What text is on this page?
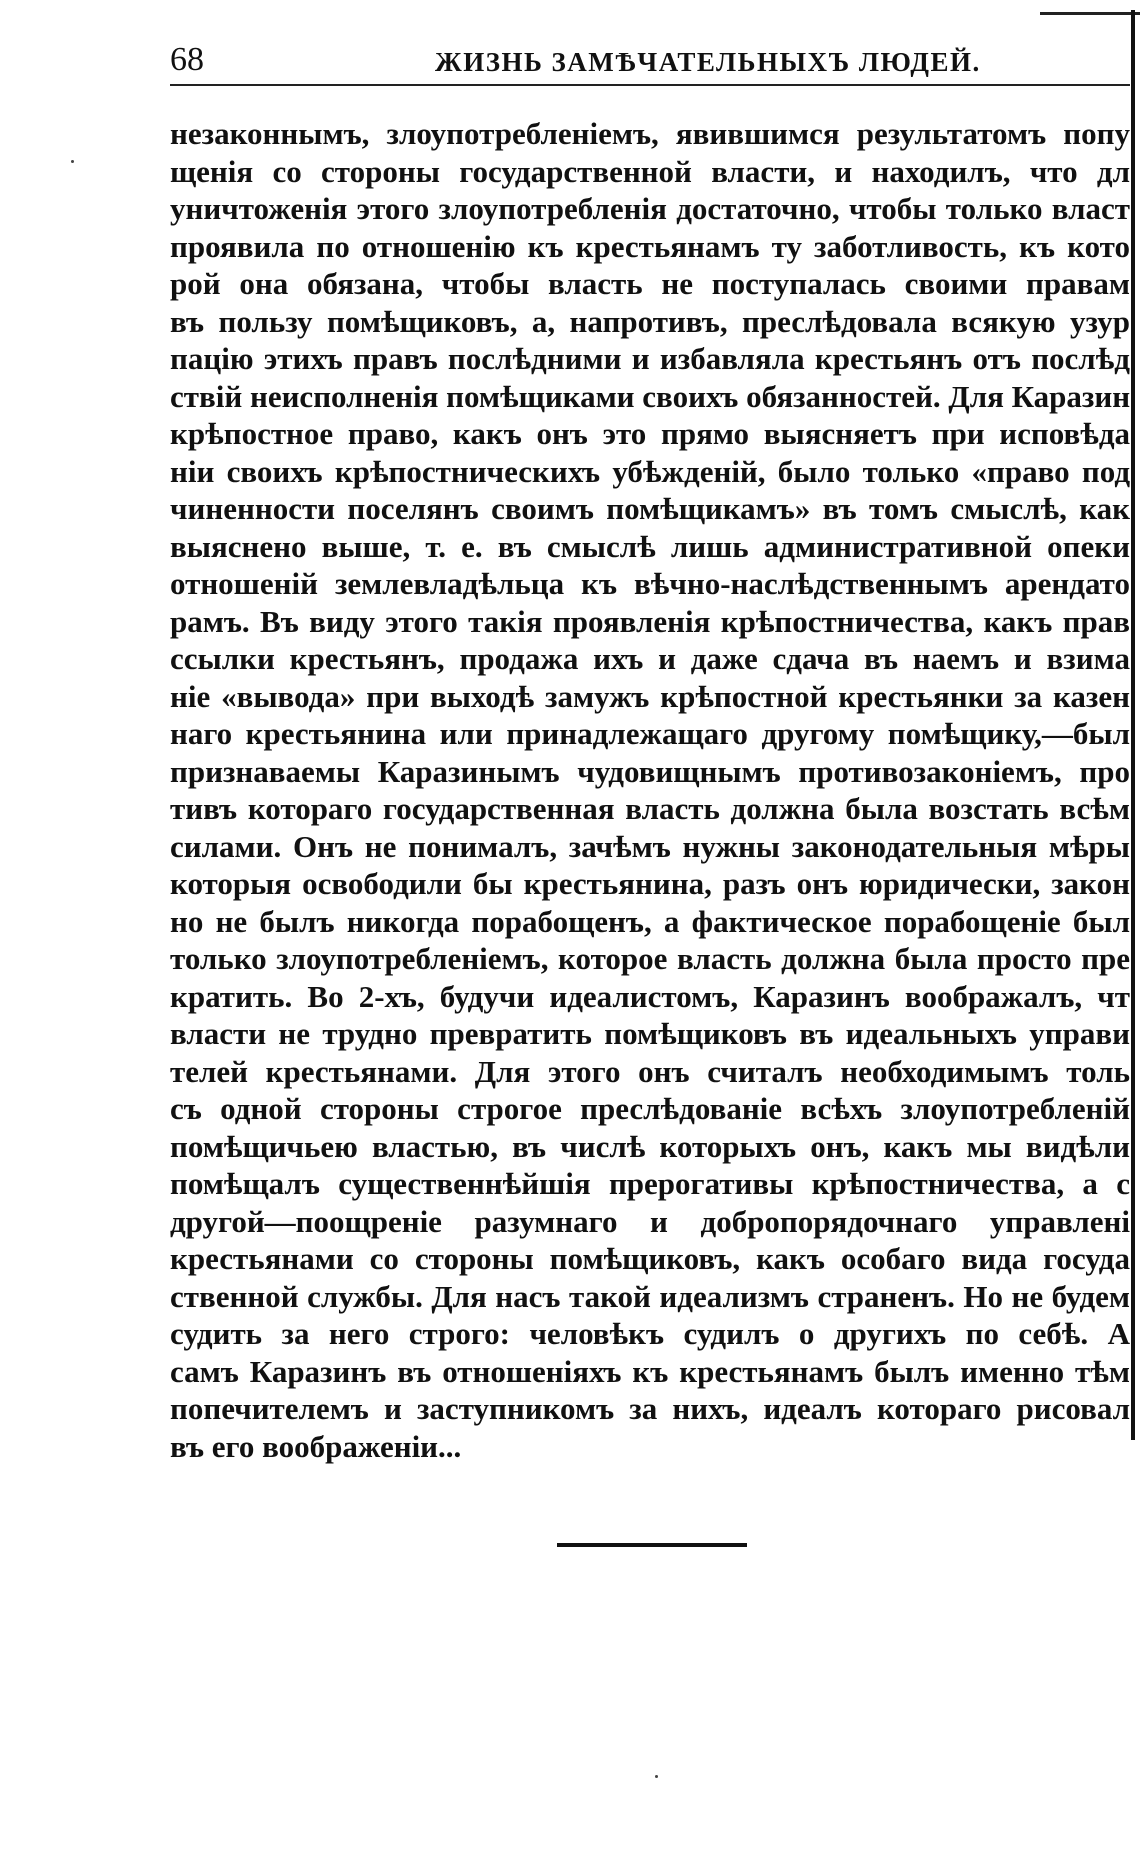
68	ЖИЗНЬ ЗАМѢЧАТЕЛЬНЫХЪ ЛЮДЕЙ.
незаконнымъ, злоупотребленіемъ, явившимся результатомъ попу
щенія со стороны государственной власти, и находилъ, что дл
уничтоженія этого злоупотребленія достаточно, чтобы только власт
проявила по отношенію къ крестьянамъ ту заботливость, къ кото
рой она обязана, чтобы власть не поступалась своими правам
въ пользу помѣщиковъ, а, напротивъ, преслѣдовала всякую узур
пацію этихъ правъ послѣдними и избавляла крестьянъ отъ послѣд
ствій неисполненія помѣщиками своихъ обязанностей. Для Каразин
крѣпостное право, какъ онъ это прямо выясняетъ при исповѣда
ніи своихъ крѣпостническихъ убѣжденій, было только «право под
чиненности поселянъ своимъ помѣщикамъ» въ томъ смыслѣ, как
выяснено выше, т. е. въ смыслѣ лишь административной опеки
отношеній землевладѣльца къ вѣчно-наслѣдственнымъ арендато
рамъ. Въ виду этого такія проявленія крѣпостничества, какъ прав
ссылки крестьянъ, продажа ихъ и даже сдача въ наемъ и взима
ніе «вывода» при выходѣ замужъ крѣпостной крестьянки за казен
наго крестьянина или принадлежащаго другому помѣщику,—был
признаваемы Каразинымъ чудовищнымъ противозаконіемъ, про
тивъ котораго государственная власть должна была возстать всѣм
силами. Онъ не понималъ, зачѣмъ нужны законодательныя мѣры
которыя освободили бы крестьянина, разъ онъ юридически, закон
но не былъ никогда порабощенъ, а фактическое порабощеніе был
только злоупотребленіемъ, которое власть должна была просто пре
кратить. Во 2-хъ, будучи идеалистомъ, Каразинъ воображалъ, чт
власти не трудно превратить помѣщиковъ въ идеальныхъ управи
телей крестьянами. Для этого онъ считалъ необходимымъ толь
съ одной стороны строгое преслѣдованіе всѣхъ злоупотребленій
помѣщичьею властью, въ числѣ которыхъ онъ, какъ мы видѣли
помѣщалъ существеннѣйшія прерогативы крѣпостничества, а с
другой—поощреніе разумнаго и добропорядочнаго управлені
крестьянами со стороны помѣщиковъ, какъ особаго вида госуда
ственной службы. Для насъ такой идеализмъ страненъ. Но не будем
судить за него строго: человѣкъ судилъ о другихъ по себѣ. А
самъ Каразинъ въ отношеніяхъ къ крестьянамъ былъ именно тѣм
попечителемъ и заступникомъ за нихъ, идеалъ котораго рисовал
въ его воображеніи...
